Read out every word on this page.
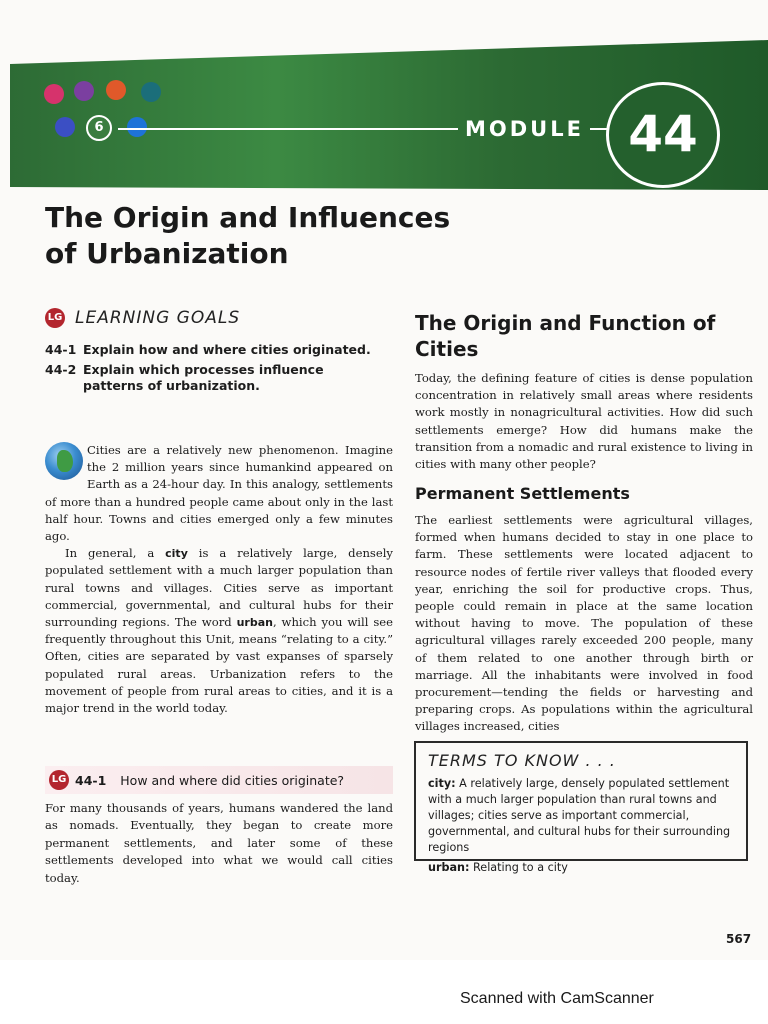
6	MODULE 44
The Origin and Influences of Urbanization
LG LEARNING GOALS
44-1 Explain how and where cities originated.
44-2 Explain which processes influence patterns of urbanization.

Cities are a relatively new phenomenon. Imagine the 2 million years since humankind appeared on Earth as a 24-hour day. In this analogy, settlements of more than a hundred people came about only in the last half hour. Towns and cities emerged only a few minutes ago.

In general, a city is a relatively large, densely populated settlement with a much larger population than rural towns and villages. Cities serve as important commercial, governmental, and cultural hubs for their surrounding regions. The word urban, which you will see frequently throughout this Unit, means “relating to a city.” Often, cities are separated by vast expanses of sparsely populated rural areas. Urbanization refers to the movement of people from rural areas to cities, and it is a major trend in the world today.

LG 44-1 How and where did cities originate?

For many thousands of years, humans wandered the land as nomads. Eventually, they began to create more permanent settlements, and later some of these settlements developed into what we would call cities today.

The Origin and Function of Cities

Today, the defining feature of cities is dense population concentration in relatively small areas where residents work mostly in nonagricultural activities. How did such settlements emerge? How did humans make the transition from a nomadic and rural existence to living in cities with many other people?

Permanent Settlements

The earliest settlements were agricultural villages, formed when humans decided to stay in one place to farm. These settlements were located adjacent to resource nodes of fertile river valleys that flooded every year, enriching the soil for productive crops. Thus, people could remain in place at the same location without having to move. The population of these agricultural villages rarely exceeded 200 people, many of them related to one another through birth or marriage. All the inhabitants were involved in food procurement—tending the fields or harvesting and preparing crops. As populations within the agricultural villages increased, cities

TERMS TO KNOW . . .

city: A relatively large, densely populated settlement with a much larger population than rural towns and villages; cities serve as important commercial, governmental, and cultural hubs for their surrounding regions

urban: Relating to a city

567
Scanned with CamScanner
